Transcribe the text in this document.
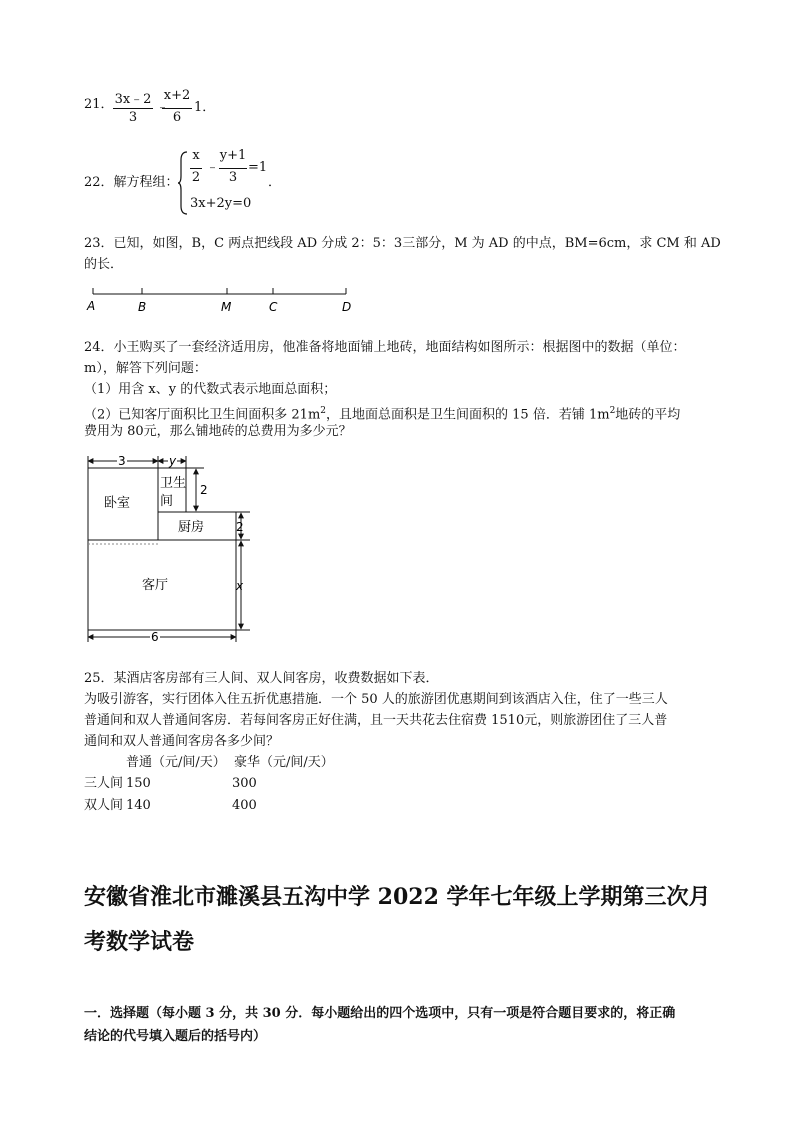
21． 3x﹣2
3
﹣
x+2
6
1．
22．解方程组：
x
2
﹣
y+1
3
=1
．
3x+2y=0
23．已知，如图，B，C 两点把线段 AD 分成 2：5：3三部分，M 为 AD 的中点，BM=6cm，求 CM 和 AD
的长．
A	B	M	C	D
24．小王购买了一套经济适用房，他准备将地面铺上地砖，地面结构如图所示：根据图中的数据（单位：
m），解答下列问题：
（1）用含 x、y 的代数式表示地面总面积；
（2）已知客厅面积比卫生间面积多 $21m^2$，且地面总面积是卫生间面积的 15 倍．若铺 $1m^2$地砖的平均
费用为 80元，那么铺地砖的总费用为多少元？
卧室
卫生
间
厨房
客厅
3	y
2
2
x
6
25．某酒店客房部有三人间、双人间客房，收费数据如下表．
为吸引游客，实行团体入住五折优惠措施．一个 50 人的旅游团优惠期间到该酒店入住，住了一些三人
普通间和双人普通间客房．若每间客房正好住满，且一天共花去住宿费 1510元，则旅游团住了三人普
通间和双人普通间客房各多少间？
普通（元/间/天） 豪华（元/间/天）
三人间 150	300
双人间 140	400
安徽省淮北市濉溪县五沟中学 2022 学年七年级上学期第三次月
考数学试卷
一．选择题（每小题 3 分，共 30 分．每小题给出的四个选项中，只有一项是符合题目要求的，将正确
结论的代号填入题后的括号内）
